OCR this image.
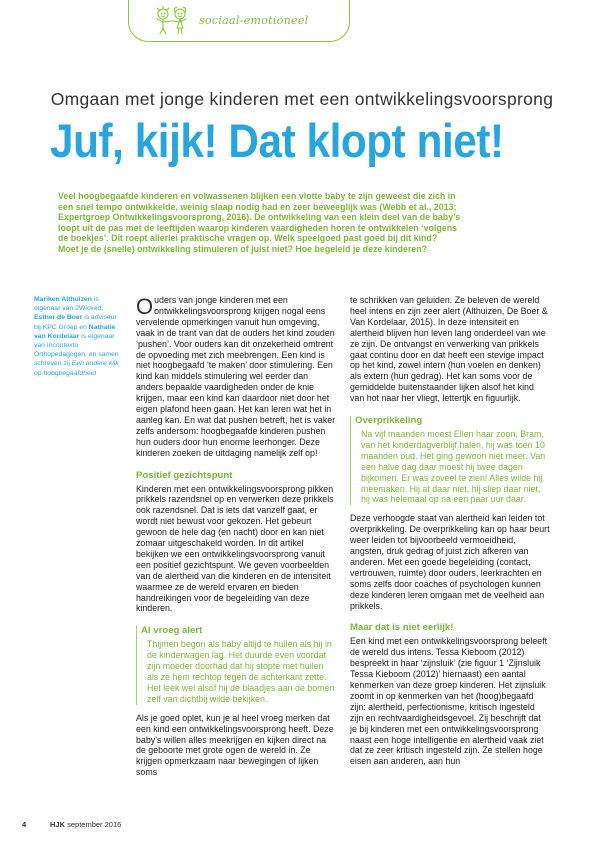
sociaal-emotioneel
Omgaan met jonge kinderen met een ontwikkelingsvoorsprong
Juf, kijk! Dat klopt niet!

Veel hoogbegaafde kinderen en volwassenen blijken een vlotte baby te zijn geweest die zich in

een snel tempo ontwikkelde, weinig slaap nodig had en zeer beweeglijk was (Webb et al., 2013;

Expertgroep Ontwikkelingsvoorsprong, 2016). De ontwikkeling van een klein deel van de baby’s

loopt uit de pas met de leeftijden waarop kinderen vaardigheden horen te ontwikkelen ‘volgens

de boekjes’. Dit roept allerlei praktische vragen op. Welk speelgoed past goed bij dit kind?

Moet je de (snelle) ontwikkeling stimuleren of juist niet? Hoe begeleid je deze kinderen?

Mariken Althuizen is eigenaar van 2Wicked, Esther de Boer is adviseur bij KPC Groep en Nathalie van Kordelaar is eigenaar van Incontexto Orthopedagogen, en samen schreven zij Een andere kijk op hoogbegaafdheid

Ouders van jonge kinderen met een ontwikkelingsvoorsprong krijgen nogal eens vervelende opmerkingen vanuit hun omgeving, vaak in de trant van dat de ouders het kind zouden ‘pushen’. Voor ouders kan dit onzekerheid omtrent de opvoeding met zich meebrengen. Een kind is niet hoogbegaafd ‘te maken’ door stimulering. Een kind kan middels stimulering wel eerder dan anders bepaalde vaardigheden onder de knie krijgen, maar een kind kan daardoor niet door het eigen plafond heen gaan. Het kan leren wat het in aanleg kan. En wat dat pushen betreft, het is vaker zelfs andersom: hoogbegaafde kinderen pushen hun ouders door hun enorme leerhonger. Deze kinderen zoeken de uitdaging namelijk zelf op!

Positief gezichtspunt

Kinderen met een ontwikkelingsvoorsprong pikken prikkels razendsnel op en verwerken deze prikkels ook razendsnel. Dat is iets dat vanzelf gaat, er wordt niet bewust voor gekozen. Het gebeurt gewoon de hele dag (en nacht) door en kan niet zomaar uitgeschakeld worden. In dit artikel bekijken we een ontwikkelingsvoorsprong vanuit een positief gezichtspunt. We geven voorbeelden van de alertheid van die kinderen en de intensiteit waarmee ze de wereld ervaren en bieden handreikingen voor de begeleiding van deze kinderen.

Al vroeg alert

Thijmen begon als baby altijd te huilen als hij in de kinderwagen lag. Het duurde even voordat zijn moeder doorhad dat hij stopte met huilen als ze hem rechtop tegen de achterkant zette. Het leek wel alsof hij de blaadjes aan de bomen zelf van dichtbij wilde bekijken.

Als je goed oplet, kun je al heel vroeg merken dat een kind een ontwikkelingsvoorsprong heeft. Deze baby’s willen alles meekrijgen en kijken direct na de geboorte met grote ogen de wereld in. Ze krijgen opmerkzaam naar bewegingen of lijken soms

te schrikken van geluiden. Ze beleven de wereld heel intens en zijn zeer alert (Althuizen, De Boer & Van Kordelaar, 2015). In deze intensiteit en alertheid blijven hun leven lang onderdeel van wie ze zijn. De ontvangst en verwerking van prikkels gaat continu door en dat heeft een stevige impact op het kind, zowel intern (hun voelen en denken) als extern (hun gedrag). Het kan soms voor de gemiddelde buitenstaander lijken alsof het kind van hot naar her vliegt, lettertjk en figuurlijk.

Overprikkeling

Na vijf maanden moest Ellen haar zoon, Bram, van het kinderdagverblijf halen, hij was toen 10 maanden oud. Het ging gewoon niet meer. Van een halve dag daar moest hij twee dagen bijkomen. Er was zoveel te zien! Alles wilde hij meemaken. Hij at daar niet, hij sliep daar niet, hij was helemaal op na een paar uur daar.

Deze verhoogde staat van alertheid kan leiden tot overprikkeling. De overprikkeling kan op haar beurt weer leiden tot bijvoorbeeld vermoeidheid, angsten, druk gedrag of juist zich afkeren van anderen. Met een goede begeleiding (contact, vertrouwen, ruimte) door ouders, leerkrachten en soms zelfs door coaches of psychologen kunnen deze kinderen leren omgaan met de veelheid aan prikkels.

Maar dat is niet eerlijk!

Een kind met een ontwikkelingsvoorsprong beleeft de wereld dus intens. Tessa Kieboom (2012) bespreekt in haar ‘zijnsluik’ (zie figuur 1 ‘Zijnsluik Tessa Kieboom (2012)’ hiernaast) een aantal kenmerken van deze groep kinderen. Het zijnsluik zoomt in op kenmerken van het (hoog)begaafd zijn: alertheid, perfectionisme, kritisch ingesteld zijn en rechtvaardigheidsgevoel. Zij beschrijft dat je bij kinderen met een ontwikkelingsvoorsprong naast een hoge intelligentie en alertheid vaak ziet dat ze zeer kritisch ingesteld zijn. Ze stellen hoge eisen aan anderen, aan hun

4	HJK september 2016
